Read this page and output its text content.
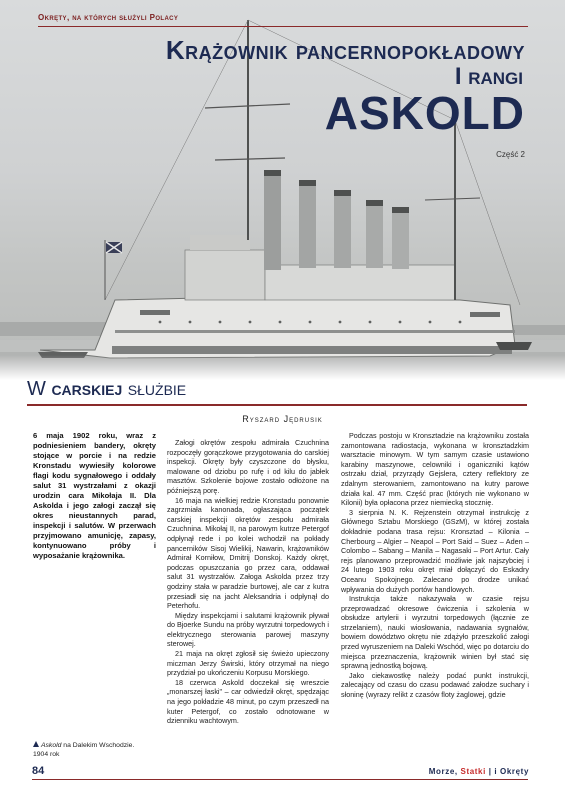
Okręty, na których służyli Polacy
Krążownik pancernopokładowy
I rangi
ASKOLD
Część 2
W carskiej służbie
Ryszard Jędrusik

6 maja 1902 roku, wraz z podniesieniem bandery, okręty stojące w porcie i na redzie Kronstadu wywiesiły kolorowe flagi kodu sygnałowego i oddały salut 31 wystrzałami z okazji urodzin cara Mikołaja II. Dla Askolda i jego załogi zaczął się okres nieustannych parad, inspekcji i salutów. W przerwach przyjmowano amunicję, zapasy, kontynuowano próby i wyposażanie krążownika.

Załogi okrętów zespołu admirała Czuchnina rozpoczęły gorączkowe przygotowania do carskiej inspekcji. Okręty były czyszczone do błysku, malowane od dziobu po rufę i od kilu do jabłek masztów. Szkolenie bojowe zostało odłożone na późniejszą porę.

16 maja na wielkiej redzie Kronstadu ponownie zagrzmiała kanonada, ogłaszająca początek carskiej inspekcji okrętów zespołu admirała Czuchnina. Mikołaj II, na parowym kutrze Petergof odpłynął rede i po kolei wchodził na pokłady pancerników Sisoj Wielikij, Nawarin, krążowników Admirał Korniłow, Dmitrij Donskoj. Każdy okręt, podczas opuszczania go przez cara, oddawał salut 31 wystrzałów. Załoga Askolda przez trzy godziny stała w paradzie burtowej, ale car z kutra przesiadł się na jacht Aleksandria i odpłynął do Peterhofu.

Między inspekcjami i salutami krążownik pływał do Bjoerke Sundu na próby wyrzutni torpedowych i elektrycznego sterowania parowej maszyny sterowej.

21 maja na okręt zgłosił się świeżo upieczony miczman Jerzy Świrski, który otrzymał na niego przydział po ukończeniu Korpusu Morskiego.

18 czerwca Askold doczekał się wreszcie „monarszej łaski" – car odwiedził okręt, spędzając na jego pokładzie 48 minut, po czym przeszedł na kuter Petergof, co zostało odnotowane w dzienniku wachtowym.

Podczas postoju w Kronsztadzie na krążowniku została zamontowana radiostacja, wykonana w kronsztadzkim warsztacie minowym. W tym samym czasie ustawiono karabiny maszynowe, celowniki i oganiczniki kątów ostrzału dział, przyrządy Gejslera, cztery reflektory ze zdalnym sterowaniem, zamontowano na kutry parowe działa kal. 47 mm. Część prac (których nie wykonano w Kilonii) była opłacona przez niemiecką stocznię.

3 sierpnia N. K. Rejzenstein otrzymał instrukcję z Głównego Sztabu Morskiego (GSzM), w której została dokładnie podana trasa rejsu: Kronsztad – Kilonia – Cherbourg – Algier – Neapol – Port Said – Suez – Aden – Colombo – Sabang – Manila – Nagasaki – Port Artur. Cały rejs planowano przeprowadzić możliwie jak najszybciej i 24 lutego 1903 roku okręt miał dołączyć do Eskadry Oceanu Spokojnego. Zalecano po drodze unikać wpływania do dużych portów handlowych.

Instrukcja także nakazywała w czasie rejsu przeprowadzać okresowe ćwiczenia i szkolenia w obsłudze artylerii i wyrzutni torpedowych (łącznie ze strzelaniem), nauki wiosłowania, nadawania sygnałów, bowiem dowództwo okrętu nie zdążyło przeszkolić załogi przed wyruszeniem na Daleki Wschód, więc po dotarciu do miejsca przeznaczenia, krążownik winien był stać się sprawną jednostką bojową.

Jako ciekawostkę należy podać punkt instrukcji, zalecający od czasu do czasu podawać załodze suchary i słoninę (wyrazy relikt z czasów floty żaglowej, gdzie

Askold na Dalekim Wschodzie. 1904 rok
84	Morze, Statki | i Okręty
